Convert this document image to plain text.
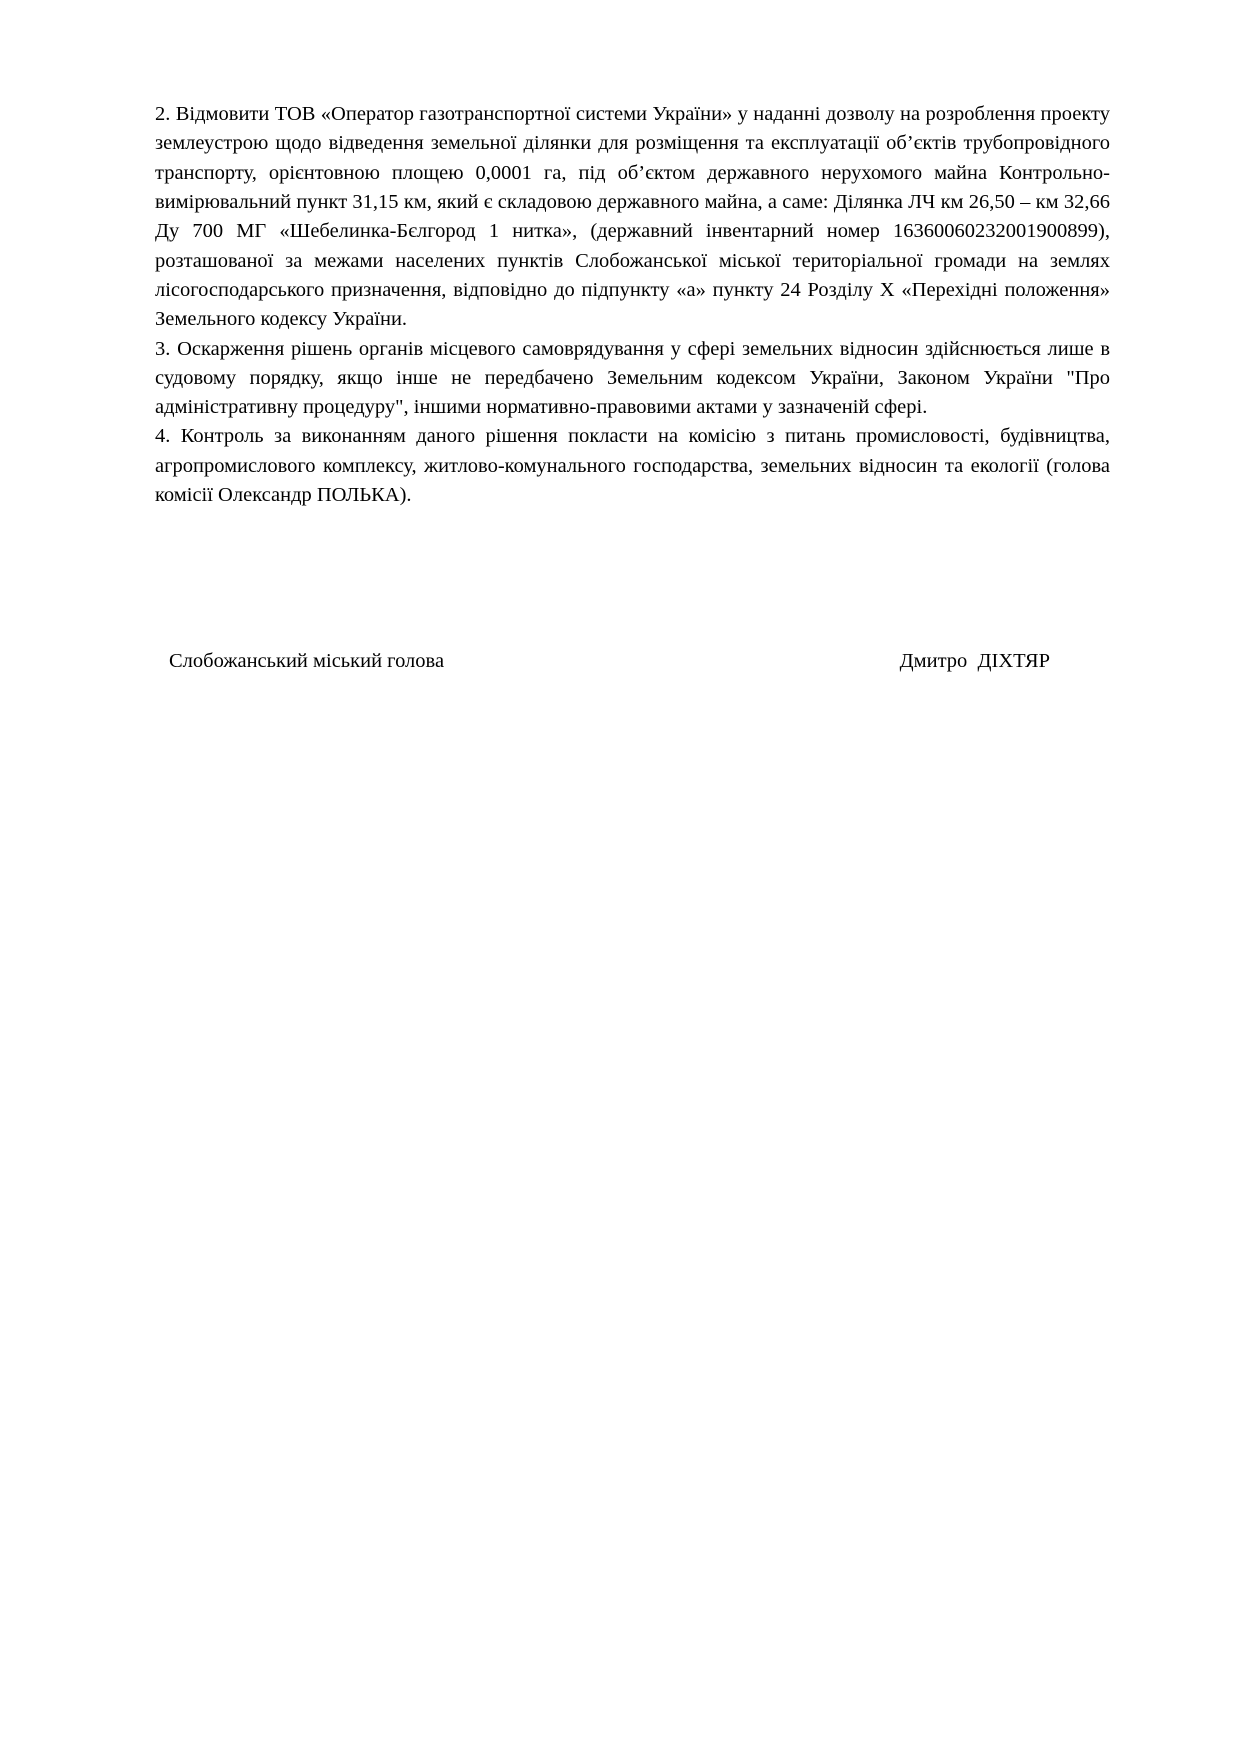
2. Відмовити ТОВ «Оператор газотранспортної системи України» у наданні дозволу на розроблення проекту землеустрою щодо відведення земельної ділянки для розміщення та експлуатації об’єктів трубопровідного транспорту, орієнтовною площею 0,0001 га, під об’єктом державного нерухомого майна Контрольно-вимірювальний пункт 31,15 км, який є складовою державного майна, а саме: Ділянка ЛЧ км 26,50 – км 32,66 Ду 700 МГ «Шебелинка-Бєлгород 1 нитка», (державний інвентарний номер 16360060232001900899), розташованої за межами населених пунктів Слобожанської міської територіальної громади на землях лісогосподарського призначення, відповідно до підпункту «а» пункту 24 Розділу X «Перехідні положення» Земельного кодексу України.

3. Оскарження рішень органів місцевого самоврядування у сфері земельних відносин здійснюється лише в судовому порядку, якщо інше не передбачено Земельним кодексом України, Законом України "Про адміністративну процедуру", іншими нормативно-правовими актами у зазначеній сфері.

4. Контроль за виконанням даного рішення покласти на комісію з питань промисловості, будівництва, агропромислового комплексу, житлово-комунального господарства, земельних відносин та екології (голова комісії Олександр ПОЛЬКА).

Слобожанський міський голова	Дмитро  ДІХТЯР
